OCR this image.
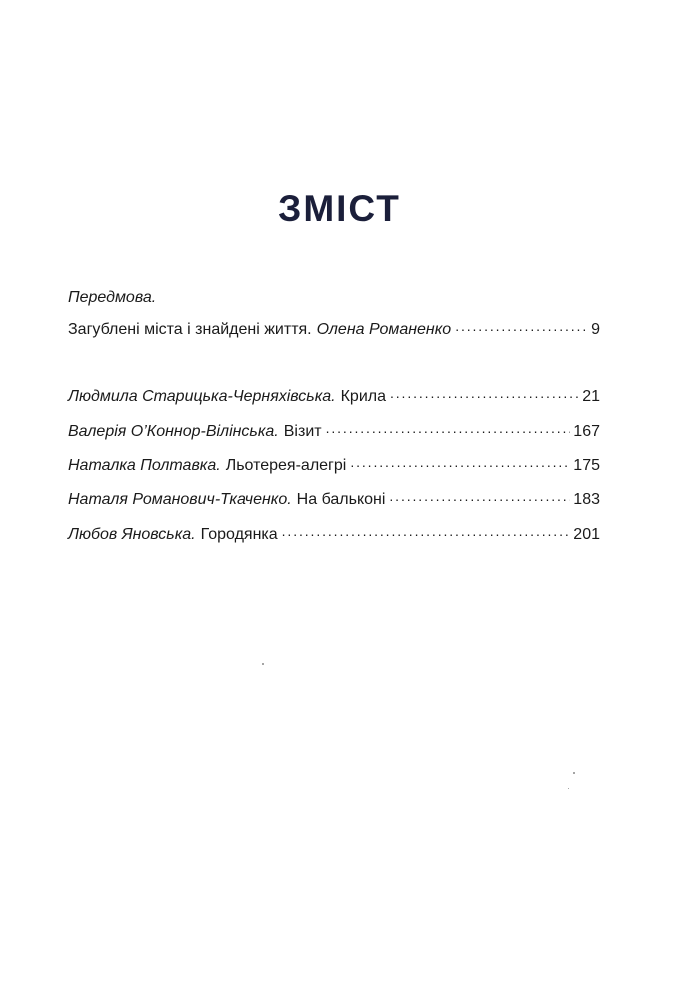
ЗМІСТ
Передмова.
Загублені міста і знайдені життя. Олена Романенко . . .	9
Людмила Старицька-Черняхівська. Крила . . .	21
Валерія О’Коннор-Вілінська. Візит . . .	167
Наталка Полтавка. Льотерея-алегрі . . .	175
Наталя Романович-Ткаченко. На бальконі . . .	183
Любов Яновська. Городянка . . .	201
